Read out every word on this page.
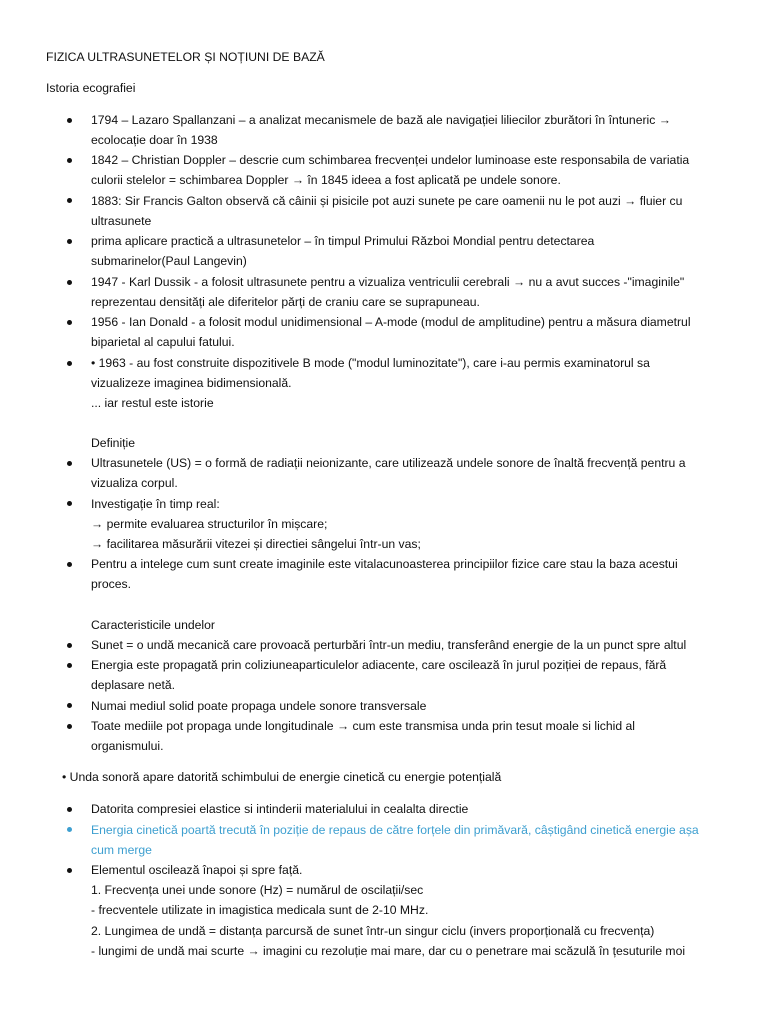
FIZICA ULTRASUNETELOR ȘI NOȚIUNI DE BAZĂ
Istoria ecografiei
1794 – Lazaro Spallanzani – a analizat mecanismele de bază ale navigației liliecilor zburători în întuneric →
ecolocație doar în 1938
1842 – Christian Doppler – descrie cum schimbarea frecvenței undelor luminoase este responsabila de variatia
culorii stelelor = schimbarea Doppler → în 1845 ideea a fost aplicată pe undele sonore.
1883: Sir Francis Galton observă că câinii și pisicile pot auzi sunete pe care oamenii nu le pot auzi → fluier cu
ultrasunete
prima aplicare practică a ultrasunetelor – în timpul Primului Război Mondial pentru detectarea
submarinelor(Paul Langevin)
1947 - Karl Dussik - a folosit ultrasunete pentru a vizualiza ventriculii cerebrali → nu a avut succes -"imaginile"
reprezentau densități ale diferitelor părți de craniu care se suprapuneau.
1956 - Ian Donald - a folosit modul unidimensional – A-mode (modul de amplitudine) pentru a măsura diametrul
biparietal al capului fatului.
• 1963 - au fost construite dispozitivele B mode ("modul luminozitate"), care i-au permis examinatorul sa
vizualizeze imaginea bidimensională.
... iar restul este istorie
Definiție
Ultrasunetele (US) = o formă de radiații neionizante, care utilizează undele sonore de înaltă frecvență pentru a
vizualiza corpul.
Investigație în timp real:
→ permite evaluarea structurilor în mișcare;
→ facilitarea măsurării vitezei și directiei sângelui într-un vas;
Pentru a intelege cum sunt create imaginile este vitalacunoasterea principiilor fizice care stau la baza acestui
proces.
Caracteristicile undelor
Sunet = o undă mecanică care provoacă perturbări într-un mediu, transferând energie de la un punct spre altul
Energia este propagată prin coliziuneaparticulelor adiacente, care oscilează în jurul poziției de repaus, fără
deplasare netă.
Numai mediul solid poate propaga undele sonore transversale
Toate mediile pot propaga unde longitudinale → cum este transmisa unda prin tesut moale si lichid al
organismului.
• Unda sonoră apare datorită schimbului de energie cinetică cu energie potențială
Datorita compresiei elastice si intinderii materialului in cealalta directie
Energia cinetică poartă trecută în poziție de repaus de către forțele din primăvară, câștigând cinetică energie așa
cum merge
Elementul oscilează înapoi și spre față.
1. Frecvența unei unde sonore (Hz) = numărul de oscilații/sec
- frecventele utilizate in imagistica medicala sunt de 2-10 MHz.
2. Lungimea de undă = distanța parcursă de sunet într-un singur ciclu (invers proporțională cu frecvența)
- lungimi de undă mai scurte → imagini cu rezoluție mai mare, dar cu o penetrare mai scăzulă în țesuturile moi
